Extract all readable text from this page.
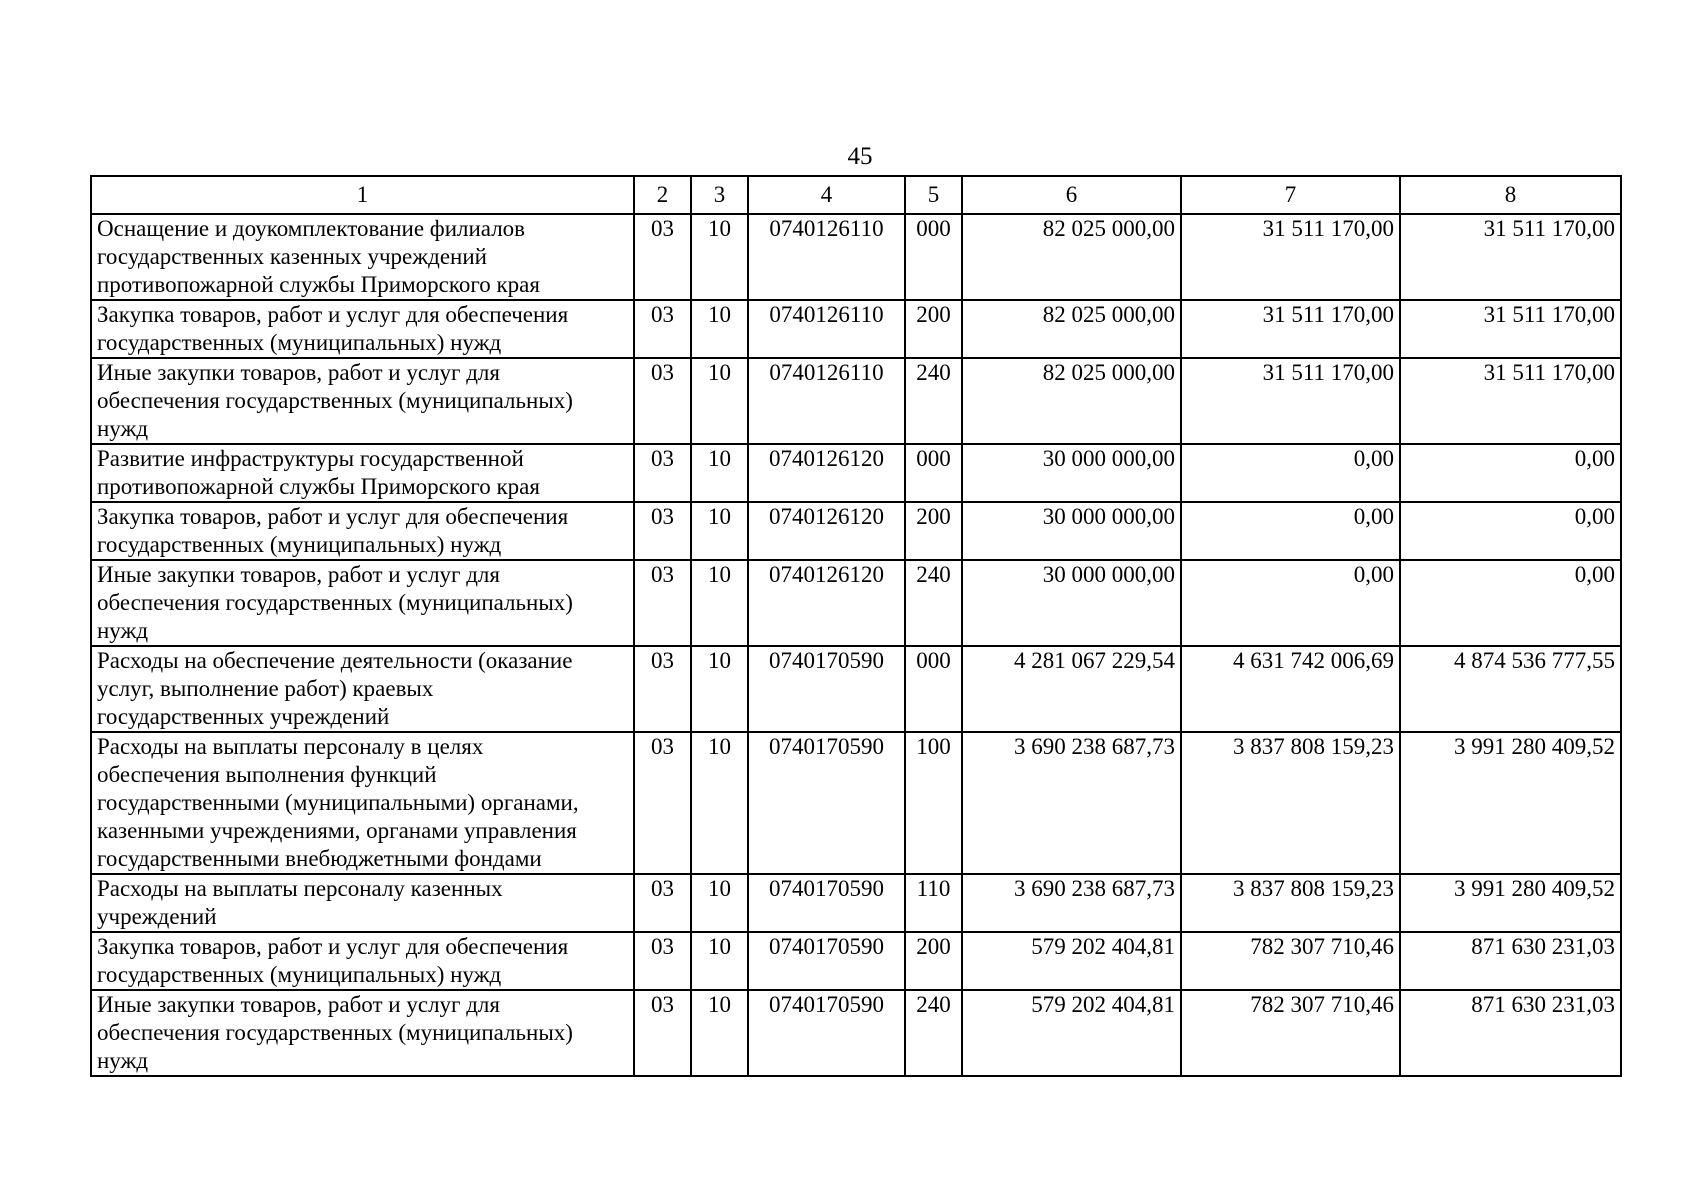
45
1	2	3	4	5	6	7	8

Оснащение и доукомплектование филиалов
государственных казенных учреждений
противопожарной службы Приморского края	03	10	0740126110	000	82 025 000,00	31 511 170,00	31 511 170,00

Закупка товаров, работ и услуг для обеспечения
государственных (муниципальных) нужд	03	10	0740126110	200	82 025 000,00	31 511 170,00	31 511 170,00

Иные закупки товаров, работ и услуг для
обеспечения государственных (муниципальных)
нужд	03	10	0740126110	240	82 025 000,00	31 511 170,00	31 511 170,00

Развитие инфраструктуры государственной
противопожарной службы Приморского края	03	10	0740126120	000	30 000 000,00	0,00	0,00

Закупка товаров, работ и услуг для обеспечения
государственных (муниципальных) нужд	03	10	0740126120	200	30 000 000,00	0,00	0,00

Иные закупки товаров, работ и услуг для
обеспечения государственных (муниципальных)
нужд	03	10	0740126120	240	30 000 000,00	0,00	0,00

Расходы на обеспечение деятельности (оказание
услуг, выполнение работ) краевых
государственных учреждений	03	10	0740170590	000	4 281 067 229,54	4 631 742 006,69	4 874 536 777,55

Расходы на выплаты персоналу в целях
обеспечения выполнения функций
государственными (муниципальными) органами,
казенными учреждениями, органами управления
государственными внебюджетными фондами	03	10	0740170590	100	3 690 238 687,73	3 837 808 159,23	3 991 280 409,52

Расходы на выплаты персоналу казенных
учреждений	03	10	0740170590	110	3 690 238 687,73	3 837 808 159,23	3 991 280 409,52

Закупка товаров, работ и услуг для обеспечения
государственных (муниципальных) нужд	03	10	0740170590	200	579 202 404,81	782 307 710,46	871 630 231,03

Иные закупки товаров, работ и услуг для
обеспечения государственных (муниципальных)
нужд	03	10	0740170590	240	579 202 404,81	782 307 710,46	871 630 231,03
